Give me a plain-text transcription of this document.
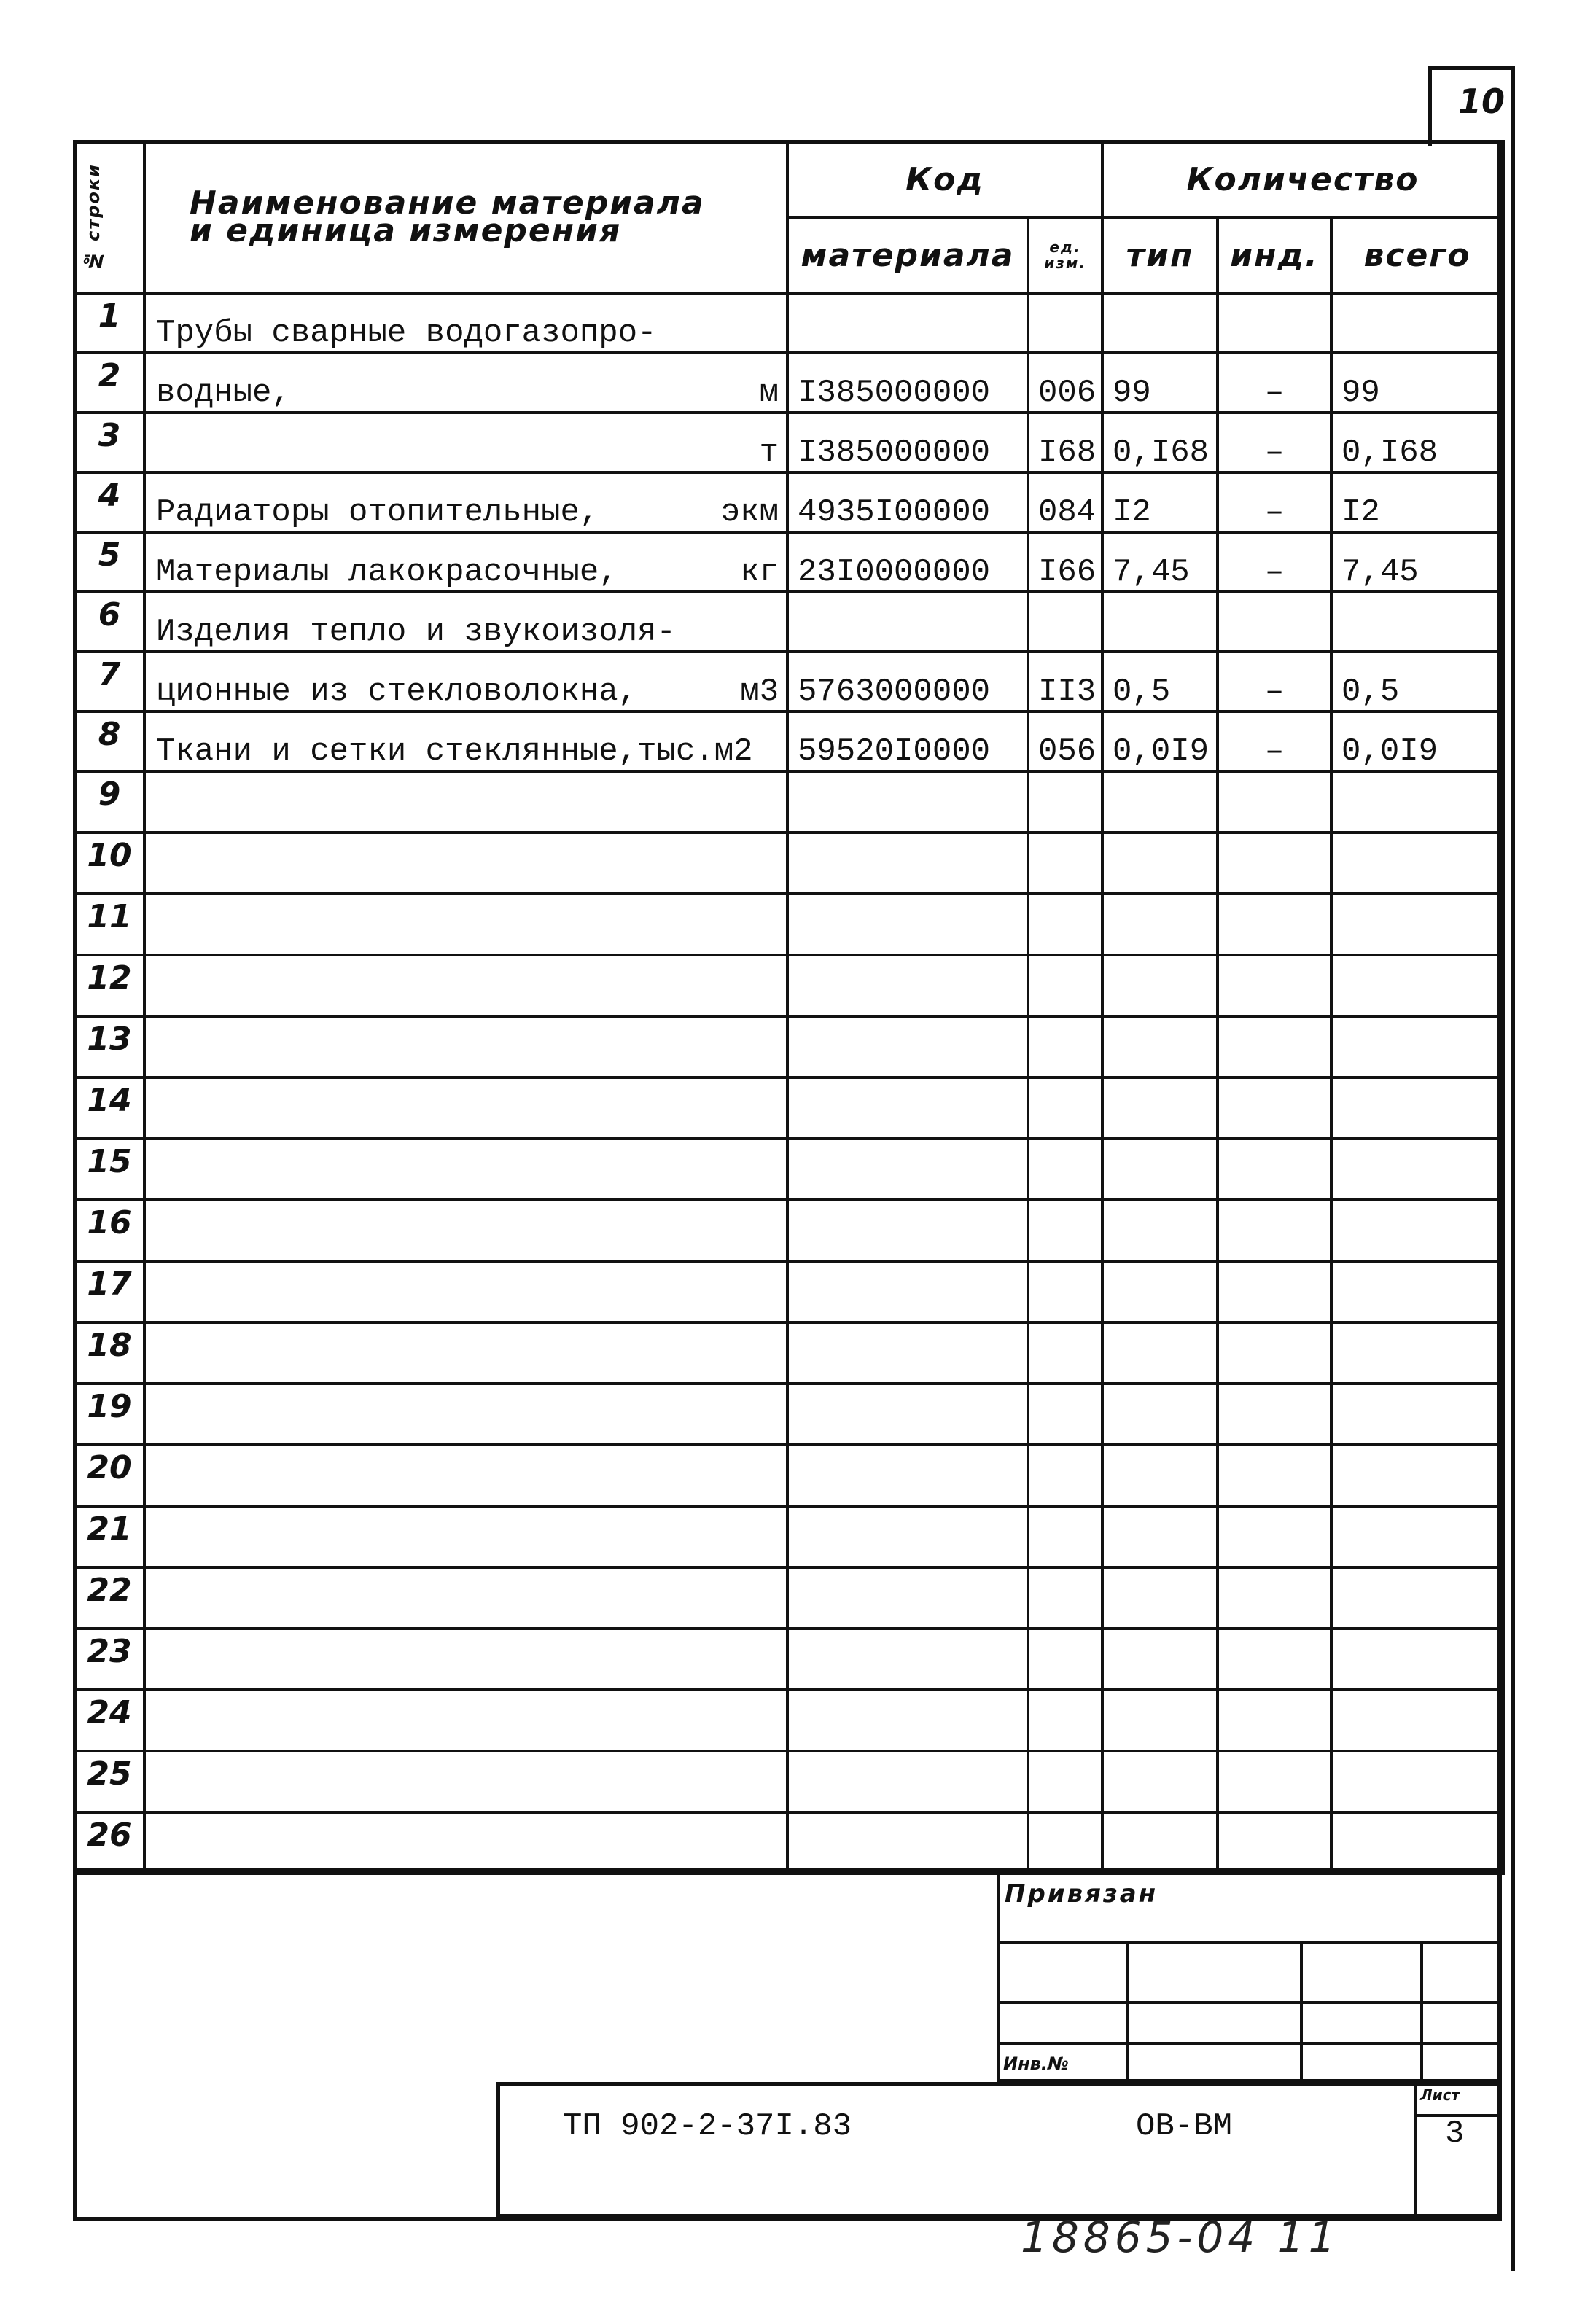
10
№ строки	Наименование материала
и единица измерения	Код		Количество		
		материала	ед. изм.	тип	инд.	всего
1	Трубы сварные водогазопро-					

2	водные, м	I385000000	006	99	–	99
3	т	I385000000	I68	0,I68	–	0,I68
4	Радиаторы отопительные, экм	4935I00000	084	I2	–	I2
5	Материалы лакокрасочные, кг	23I0000000	I66	7,45	–	7,45
6	Изделия тепло и звукоизоля-					

7	ционные из стекловолокна, м3	5763000000	II3	0,5	–	0,5
8	Ткани и сетки стеклянные,тыс.м2	59520I0000	056	0,0I9	–	0,0I9
9	

10	

11	

12	

13	

14	

15	

16	

17	

18	

19	

20	

21	

22	

23	

24	

25	

26	

Привязан
Инв.№
ТП 902-2-37I.83	ОВ-ВМ
Лист
3
18865-04 11
